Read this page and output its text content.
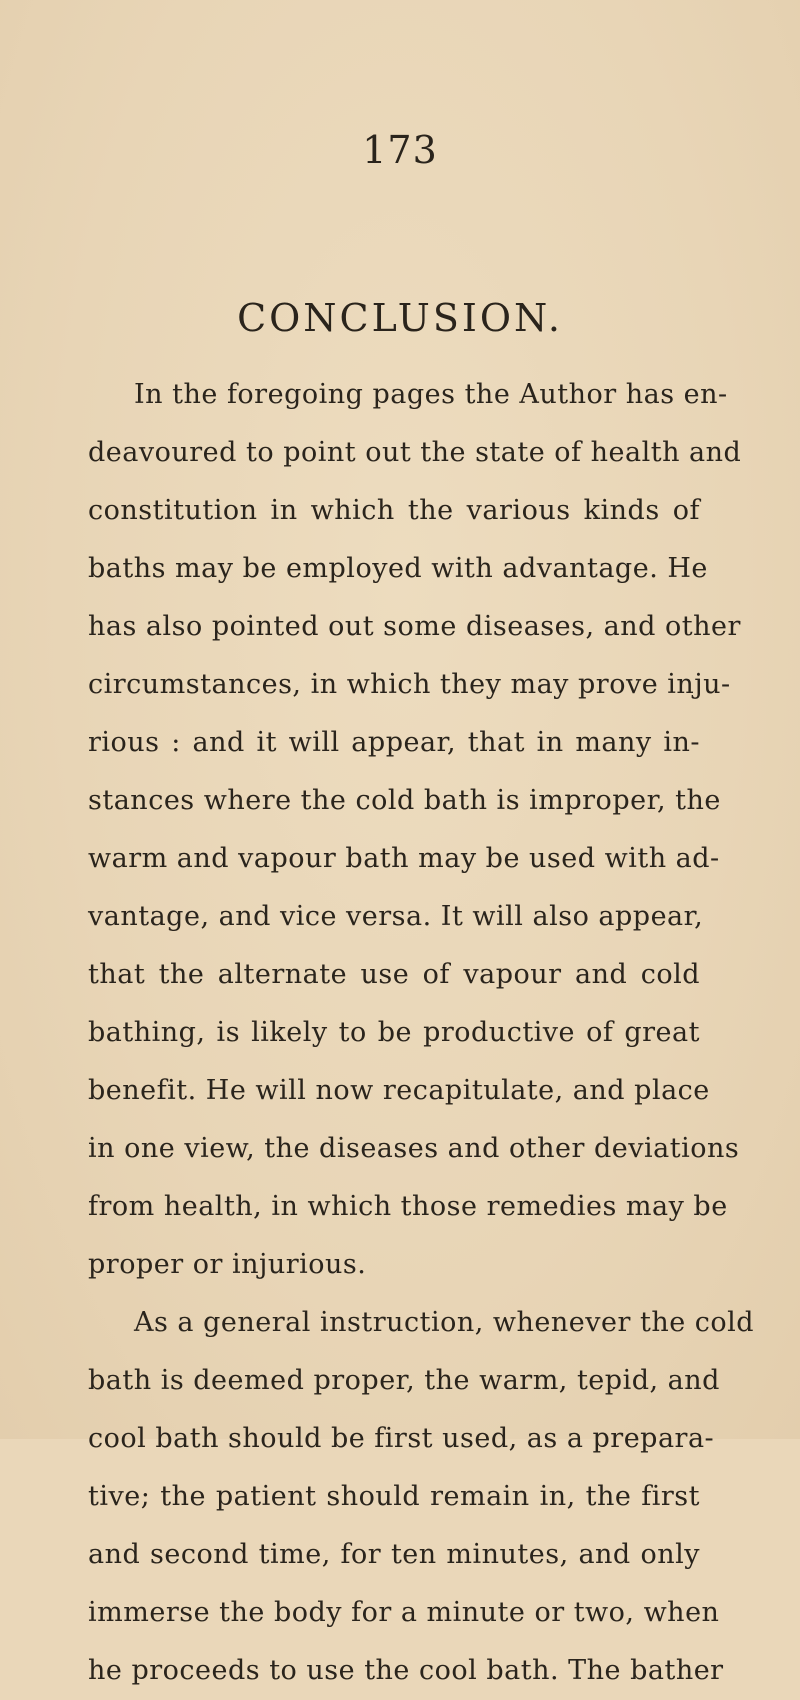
173
CONCLUSION.
In the foregoing pages the Author has en-
deavoured to point out the state of health and
constitution in which the various kinds of
baths may be employed with advantage. He
has also pointed out some diseases, and other
circumstances, in which they may prove inju-
rious : and it will appear, that in many in-
stances where the cold bath is improper, the
warm and vapour bath may be used with ad-
vantage, and vice versa. It will also appear,
that the alternate use of vapour and cold
bathing, is likely to be productive of great
benefit. He will now recapitulate, and place
in one view, the diseases and other deviations
from health, in which those remedies may be
proper or injurious.
As a general instruction, whenever the cold
bath is deemed proper, the warm, tepid, and
cool bath should be first used, as a prepara-
tive; the patient should remain in, the first
and second time, for ten minutes, and only
immerse the body for a minute or two, when
he proceeds to use the cool bath. The bather
